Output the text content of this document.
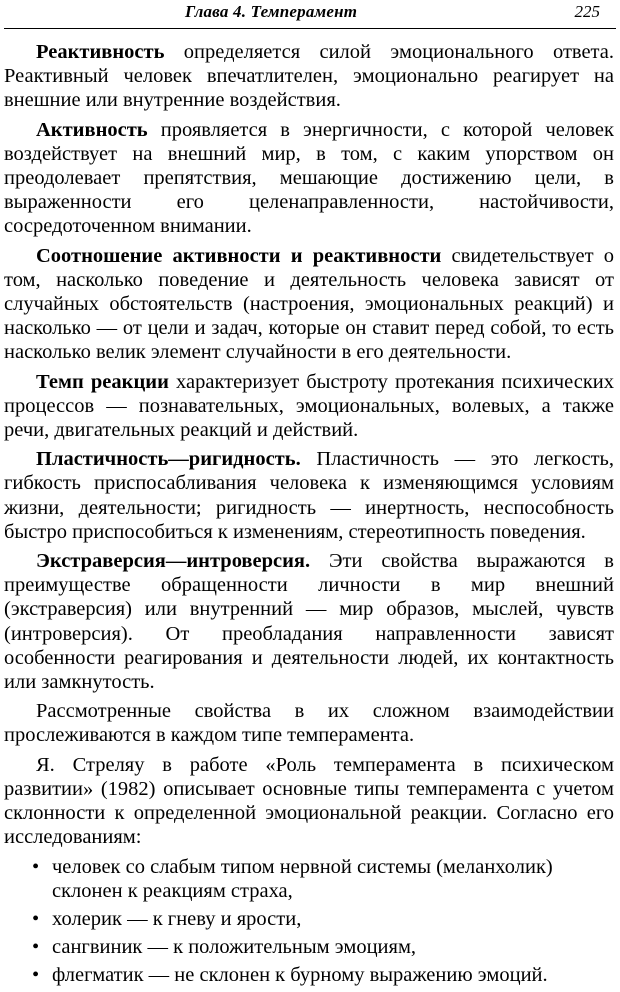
Глава 4. Темперамент	225

Реактивность определяется силой эмоционального ответа. Реактивный человек впечатлителен, эмоционально реагирует на внешние или внутренние воздействия.

Активность проявляется в энергичности, с которой человек воздействует на внешний мир, в том, с каким упорством он преодолевает препятствия, мешающие достижению цели, в выраженности его целенаправленности, настойчивости, сосредоточенном внимании.

Соотношение активности и реактивности свидетельствует о том, насколько поведение и деятельность человека зависят от случайных обстоятельств (настроения, эмоциональных реакций) и насколько — от цели и задач, которые он ставит перед собой, то есть насколько велик элемент случайности в его деятельности.

Темп реакции характеризует быстроту протекания психических процессов — познавательных, эмоциональных, волевых, а также речи, двигательных реакций и действий.

Пластичность—ригидность. Пластичность — это легкость, гибкость приспосабливания человека к изменяющимся условиям жизни, деятельности; ригидность — инертность, неспособность быстро приспособиться к изменениям, стереотипность поведения.

Экстраверсия—интроверсия. Эти свойства выражаются в преимуществе обращенности личности в мир внешний (экстраверсия) или внутренний — мир образов, мыслей, чувств (интроверсия). От преобладания направленности зависят особенности реагирования и деятельности людей, их контактность или замкнутость.

Рассмотренные свойства в их сложном взаимодействии прослеживаются в каждом типе темперамента.

Я. Стреляу в работе «Роль темперамента в психическом развитии» (1982) описывает основные типы темперамента с учетом склонности к определенной эмоциональной реакции. Согласно его исследованиям:

• человек со слабым типом нервной системы (меланхолик) склонен к реакциям страха,
• холерик — к гневу и ярости,
• сангвиник — к положительным эмоциям,
• флегматик — не склонен к бурному выражению эмоций.
